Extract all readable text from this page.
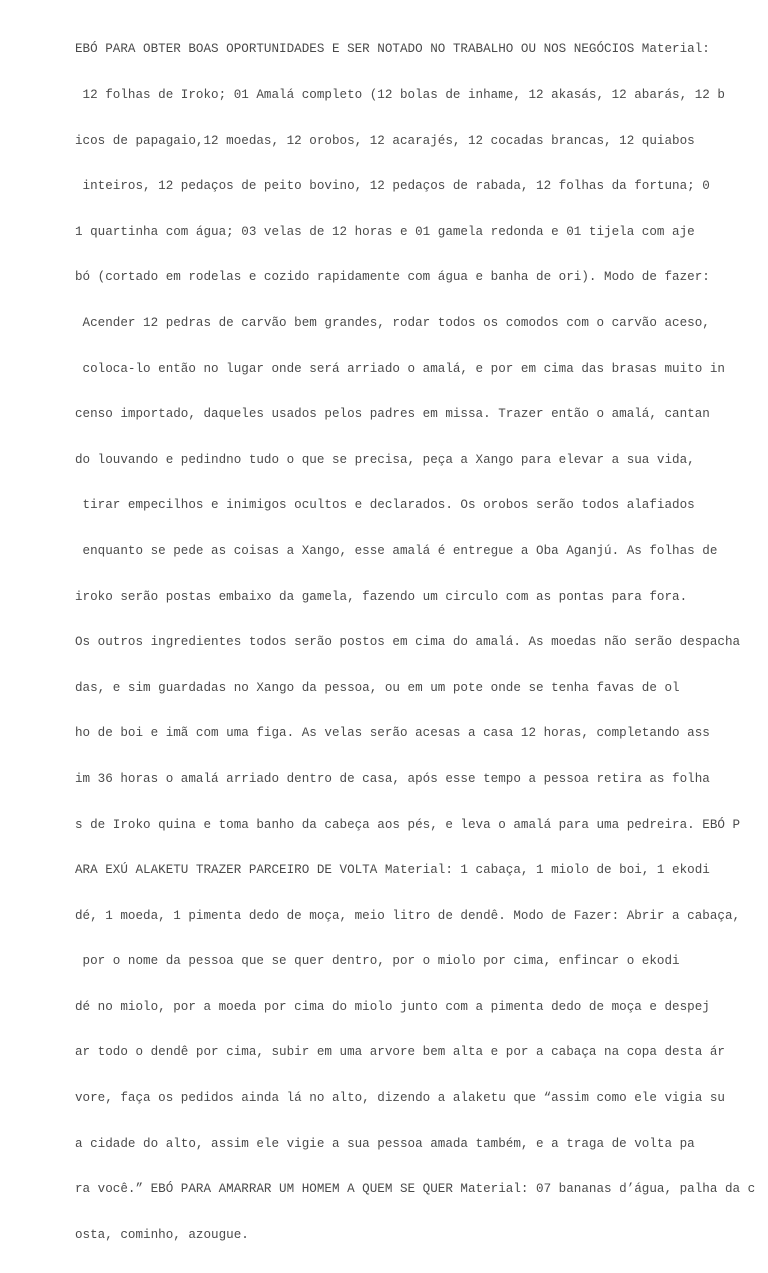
EBÓ PARA OBTER BOAS OPORTUNIDADES E SER NOTADO NO TRABALHO OU NOS NEGÓCIOS Material:

12 folhas de Iroko; 01 Amalá completo (12 bolas de inhame, 12 akasás, 12 abarás, 12 b

icos de papagaio,12 moedas, 12 orobos, 12 acarajés, 12 cocadas brancas, 12 quiabos

inteiros, 12 pedaços de peito bovino, 12 pedaços de rabada, 12 folhas da fortuna; 0

1 quartinha com água; 03 velas de 12 horas e 01 gamela redonda e 01 tijela com aje

bó (cortado em rodelas e cozido rapidamente com água e banha de ori). Modo de fazer:

Acender 12 pedras de carvão bem grandes, rodar todos os comodos com o carvão aceso,

coloca-lo então no lugar onde será arriado o amalá, e por em cima das brasas muito in

censo importado, daqueles usados pelos padres em missa. Trazer então o amalá, cantan

do louvando e pedindno tudo o que se precisa, peça a Xango para elevar a sua vida,

tirar empecilhos e inimigos ocultos e declarados. Os orobos serão todos alafiados

enquanto se pede as coisas a Xango, esse amalá é entregue a Oba Aganjú. As folhas de

iroko serão postas embaixo da gamela, fazendo um circulo com as pontas para fora.

Os outros ingredientes todos serão postos em cima do amalá. As moedas não serão despacha

das, e sim guardadas no Xango da pessoa, ou em um pote onde se tenha favas de ol

ho de boi e imã com uma figa. As velas serão acesas a casa 12 horas, completando ass

im 36 horas o amalá arriado dentro de casa, após esse tempo a pessoa retira as folha

s de Iroko quina e toma banho da cabeça aos pés, e leva o amalá para uma pedreira. EBÓ P

ARA EXÚ ALAKETU TRAZER PARCEIRO DE VOLTA Material: 1 cabaça, 1 miolo de boi, 1 ekodi

dé, 1 moeda, 1 pimenta dedo de moça, meio litro de dendê. Modo de Fazer: Abrir a cabaça,

por o nome da pessoa que se quer dentro, por o miolo por cima, enfincar o ekodi

dé no miolo, por a moeda por cima do miolo junto com a pimenta dedo de moça e despej

ar todo o dendê por cima, subir em uma arvore bem alta e por a cabaça na copa desta ár

vore, faça os pedidos ainda lá no alto, dizendo a alaketu que “assim como ele vigia su

a cidade do alto, assim ele vigie a sua pessoa amada também, e a traga de volta pa

ra você.” EBÓ PARA AMARRAR UM HOMEM A QUEM SE QUER Material: 07 bananas d’água, palha da c

osta, cominho, azougue.
